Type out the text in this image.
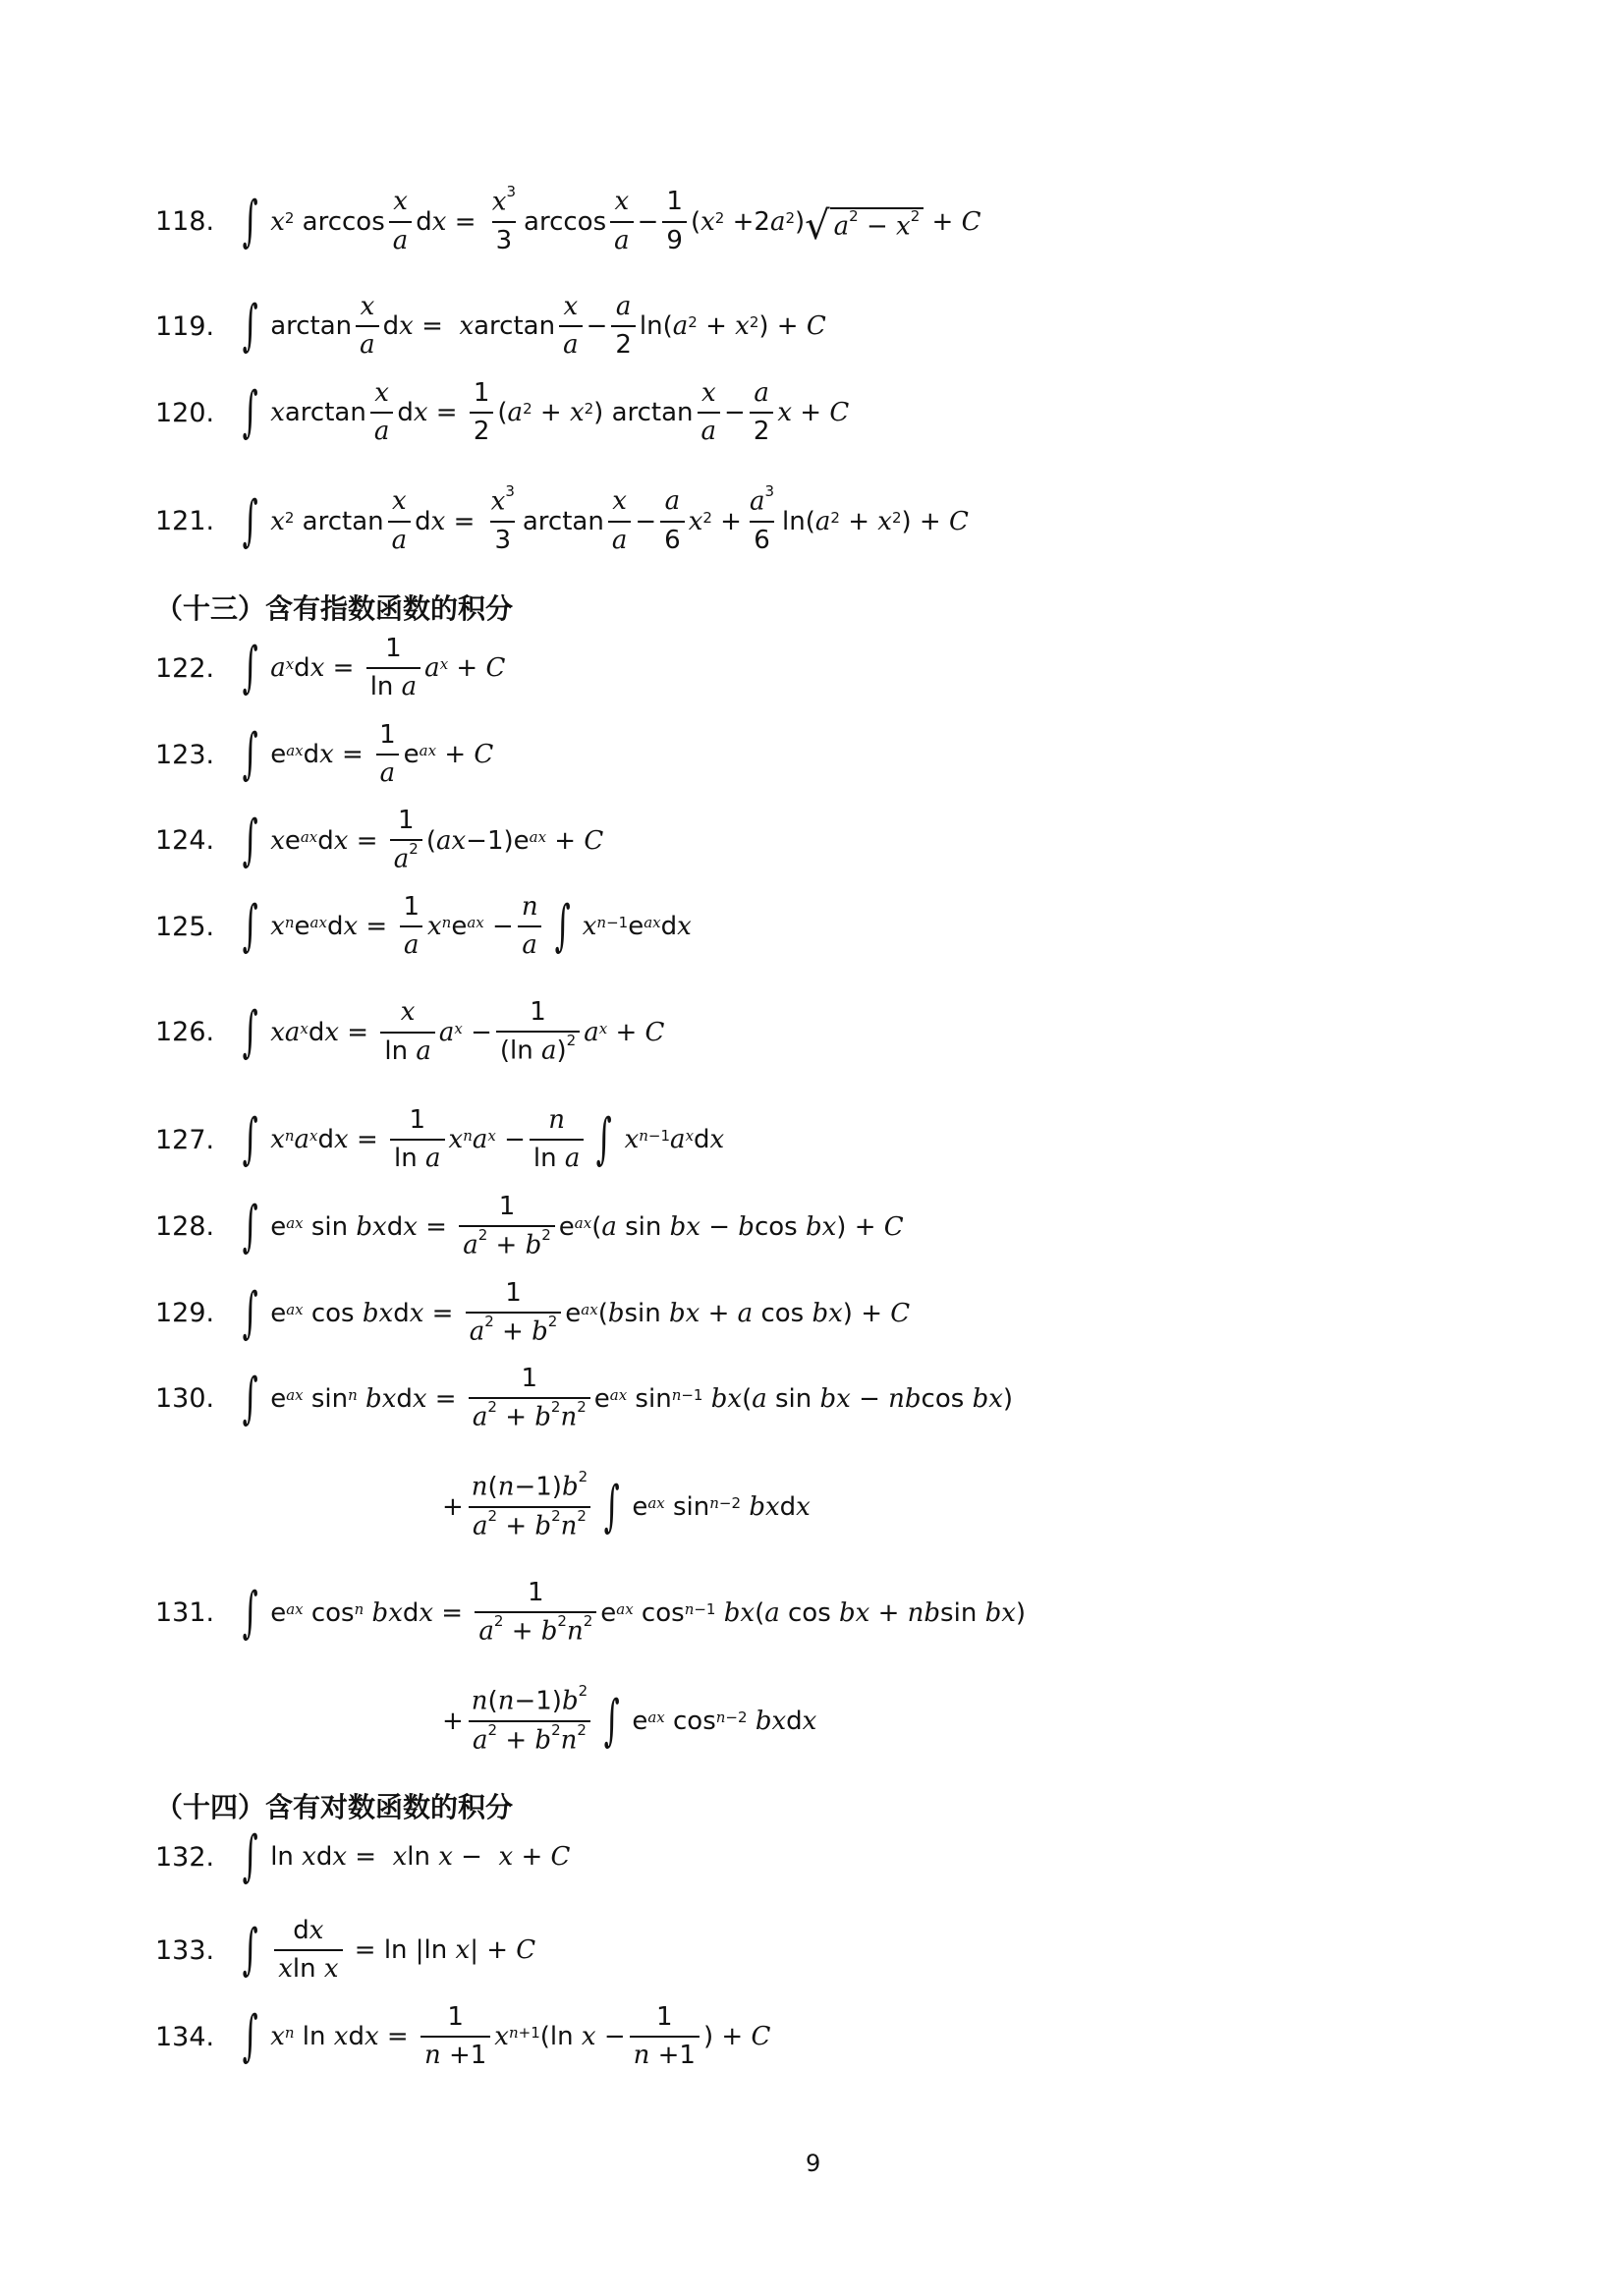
118. ∫ $x^2$ $\arccos \frac{x}{a}$ d $x = \frac{x^3}{3}$ $\arccos \frac{x}{a} - \frac{1}{9}$ ( $x^2 +2$ $a^2$ ) √ $a^2 - x^2 + C$
119. ∫ $\arctan \frac{x}{a}$ d x = x $\arctan \frac{x}{a} - \frac{a}{2} \ln$( $a^2 + x^2$ ) + C
120. ∫ x $\arctan \frac{x}{a}$ d $x = \frac{1}{2}$ ( $a^2 + x^2$ ) $\arctan \frac{x}{a} - \frac{a}{2}$ x + C
121. ∫ $x^2$ $\arctan \frac{x}{a}$ d $x = \frac{x^3}{3}$ $\arctan \frac{x}{a} - \frac{a}{6} x^2 + \frac{a^3}{6} \ln$( $a^2 + x^2$ ) + C
（十三）含有指数函数的积分
122. ∫ a $^x$ d $x = \frac{1}{\text{ln a}}$ a $^x$ + C
123. ∫ e $^{ax}$ d $x = \frac{1}{a}$ e $^{ax}$ + C
124. ∫ x e $^{ax}$ d $x = \frac{1}{a^2}$ ( ax −1)e $^{ax}$ + C
125. ∫ x $^n$ e $^{ax}$ d $x = \frac{1}{a}$ x $^n$ e $^{ax} - \frac{n}{a}$ ∫ x $^{n-1}$ e $^{ax}$ d x
126. ∫ xa $^x$ d $x = \frac{x}{\text{ln a}}$ a $^x - \frac{1}{(\ln a)^2}$ a $^x$ + C
127. ∫ x $^n$ a $^x$ d $x = \frac{1}{\text{ln a}}$ x $^n$ a $^x - \frac{n}{\text{ln a}}$ ∫ x $^{n-1}$ a $^x$ d x
128. ∫ e $^{ax}$ sin bx d $x = \frac{1}{a^2 + b^2}$ e $^{ax}$ ( a sin bx − b cos bx ) + C
129. ∫ e $^{ax}$ cos bx d $x = \frac{1}{a^2 + b^2}$ e $^{ax}$ ( b sin bx + a cos bx ) + C
130. ∫ e $^{ax}$ sin $^n$
bx d $x = \frac{1}{a^2 + b^2n^2}$ e $^{ax}$ sin $^{n-1}$
bx ( a sin bx − nb cos bx )
+ $\frac{n(n-1)b^2}{a^2 + b^2n^2}$ ∫ e $^{ax}$ sin $^{n-2}$
bx d x
131. ∫ e $^{ax}$ cos $^n$
bx d $x = \frac{1}{a^2 + b^2n^2}$ e $^{ax}$ cos $^{n-1}$
bx ( a cos bx + nb sin bx )
+ $\frac{n(n-1)b^2}{a^2 + b^2n^2}$ ∫ e $^{ax}$ cos $^{n-2}$
bx d x
（十四）含有对数函数的积分
132. ∫ ln x d x = x ln x − x + C
133. ∫ $\frac{dx}{\text{xln x}} = \ln |\ln$ x | + C
134. ∫ x $^n$ ln x d $x = \frac{1}{n +1}$ x $^{n+1}$ (ln $x - \frac{1}{n +1}$ ) + C
9
